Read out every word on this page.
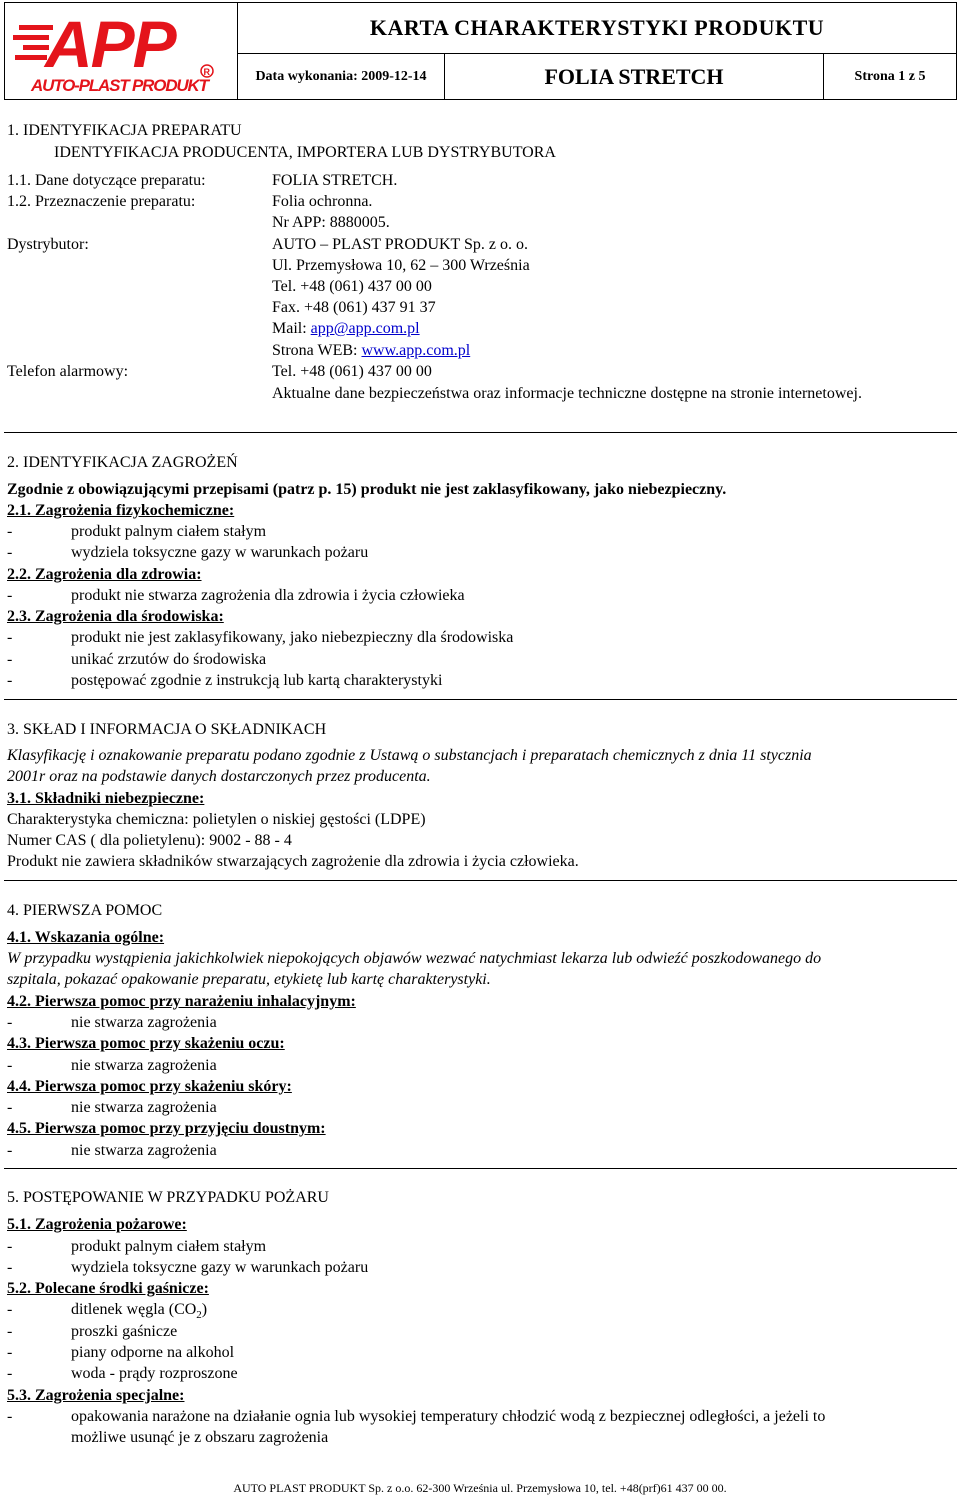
APP	R
AUTO-PLAST PRODUKT
KARTA CHARAKTERYSTYKI PRODUKTU
Data wykonania: 2009-12-14	FOLIA STRETCH	Strona 1 z 5
1. IDENTYFIKACJA PREPARATU
IDENTYFIKACJA PRODUCENTA, IMPORTERA LUB DYSTRYBUTORA
1.1. Dane dotyczące preparatu:	FOLIA STRETCH.
1.2. Przeznaczenie preparatu:	Folia ochronna.
Nr APP: 8880005.
Dystrybutor:	AUTO – PLAST PRODUKT Sp. z o. o.
Ul. Przemysłowa 10, 62 – 300 Września
Tel. +48 (061) 437 00 00
Fax. +48 (061) 437 91 37
Mail: app@app.com.pl
Strona WEB: www.app.com.pl
Telefon alarmowy:	Tel. +48 (061) 437 00 00
Aktualne dane bezpieczeństwa oraz informacje techniczne dostępne na stronie internetowej.
2. IDENTYFIKACJA ZAGROŻEŃ
Zgodnie z obowiązującymi przepisami (patrz p. 15) produkt nie jest zaklasyfikowany, jako niebezpieczny.
2.1. Zagrożenia fizykochemiczne:
-	produkt palnym ciałem stałym
-	wydziela toksyczne gazy w warunkach pożaru
2.2. Zagrożenia dla zdrowia:
-	produkt nie stwarza zagrożenia dla zdrowia i życia człowieka
2.3. Zagrożenia dla środowiska:
-	produkt nie jest zaklasyfikowany, jako niebezpieczny dla środowiska
-	unikać zrzutów do środowiska
-	postępować zgodnie z instrukcją lub kartą charakterystyki
3. SKŁAD I INFORMACJA O SKŁADNIKACH
Klasyfikację i oznakowanie preparatu podano zgodnie z Ustawą o substancjach i preparatach chemicznych z dnia 11 stycznia
2001r oraz na podstawie danych dostarczonych przez producenta.
3.1. Składniki niebezpieczne:
Charakterystyka chemiczna: polietylen o niskiej gęstości (LDPE)
Numer CAS ( dla polietylenu): 9002 - 88 - 4
Produkt nie zawiera składników stwarzających zagrożenie dla zdrowia i życia człowieka.
4. PIERWSZA POMOC
4.1. Wskazania ogólne:
W przypadku wystąpienia jakichkolwiek niepokojących objawów wezwać natychmiast lekarza lub odwieźć poszkodowanego do
szpitala, pokazać opakowanie preparatu, etykietę lub kartę charakterystyki.
4.2. Pierwsza pomoc przy narażeniu inhalacyjnym:
-	nie stwarza zagrożenia
4.3. Pierwsza pomoc przy skażeniu oczu:
-	nie stwarza zagrożenia
4.4. Pierwsza pomoc przy skażeniu skóry:
-	nie stwarza zagrożenia
4.5. Pierwsza pomoc przy przyjęciu doustnym:
-	nie stwarza zagrożenia
5. POSTĘPOWANIE W PRZYPADKU POŻARU
5.1. Zagrożenia pożarowe:
-	produkt palnym ciałem stałym
-	wydziela toksyczne gazy w warunkach pożaru
5.2. Polecane środki gaśnicze:
-	ditlenek węgla $(CO_2)$
-	proszki gaśnicze
-	piany odporne na alkohol
-	woda - prądy rozproszone
5.3. Zagrożenia specjalne:
-	opakowania narażone na działanie ognia lub wysokiej temperatury chłodzić wodą z bezpiecznej odległości, a jeżeli to
możliwe usunąć je z obszaru zagrożenia
AUTO PLAST PRODUKT Sp. z o.o. 62-300 Września ul. Przemysłowa 10, tel. +48(prf)61 437 00 00.
